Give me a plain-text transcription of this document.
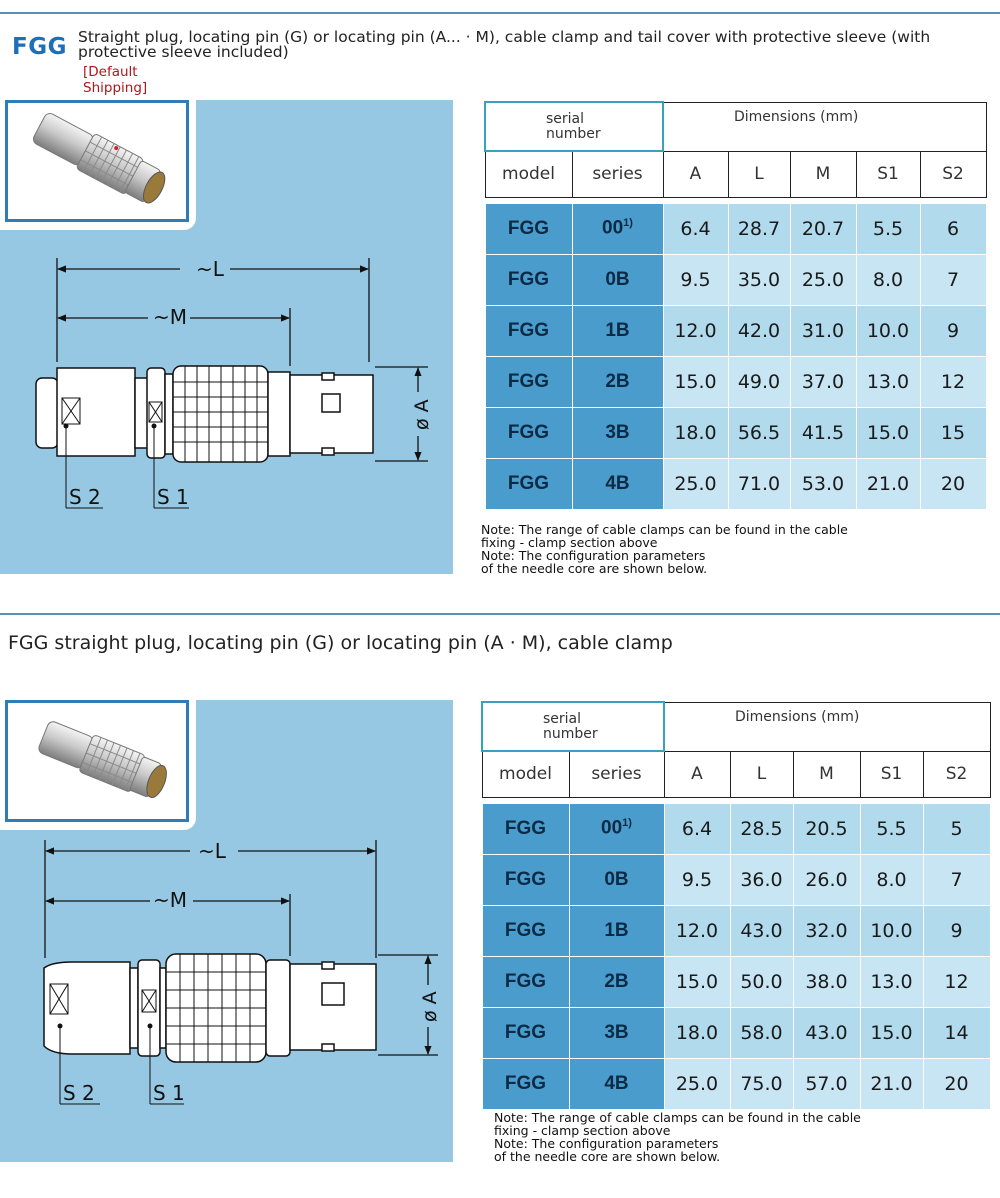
FGG Straight plug, locating pin (G) or locating pin (A... · M), cable clamp and tail cover with protective sleeve (with protective sleeve included)
[Default Shipping]
~L
~M
ø A
S 2	S 1
serial number		Dimensions (mm)				

model	series	A	L	M	S1	S2

FGG	00$^{1)}$	6.4	28.7	20.7	5.5	6
FGG	0B	9.5	35.0	25.0	8.0	7
FGG	1B	12.0	42.0	31.0	10.0	9
FGG	2B	15.0	49.0	37.0	13.0	12
FGG	3B	18.0	56.5	41.5	15.0	15
FGG	4B	25.0	71.0	53.0	21.0	20
Note: The range of cable clamps can be found in the cable
fixing - clamp section above
Note: The configuration parameters
of the needle core are shown below.
FGG straight plug, locating pin (G) or locating pin (A · M), cable clamp
~L
~M
ø A
S 2	S 1
serial number		Dimensions (mm)				

model	series	A	L	M	S1	S2

FGG	00$^{1)}$	6.4	28.5	20.5	5.5	5
FGG	0B	9.5	36.0	26.0	8.0	7
FGG	1B	12.0	43.0	32.0	10.0	9
FGG	2B	15.0	50.0	38.0	13.0	12
FGG	3B	18.0	58.0	43.0	15.0	14
FGG	4B	25.0	75.0	57.0	21.0	20
Note: The range of cable clamps can be found in the cable
fixing - clamp section above
Note: The configuration parameters
of the needle core are shown below.
